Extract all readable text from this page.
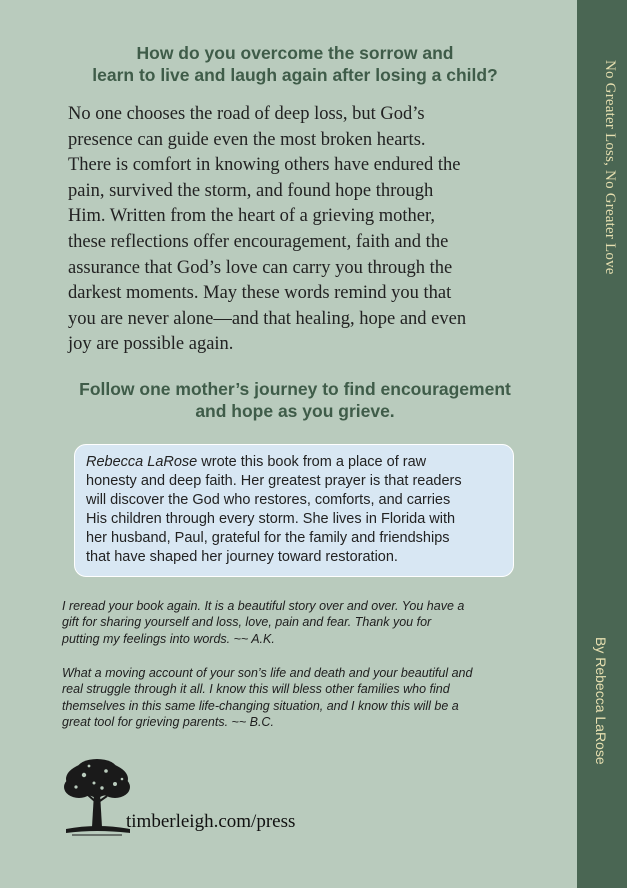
No Greater Loss, No Greater Love
By Rebecca LaRose
How do you overcome the sorrow and
learn to live and laugh again after losing a child?
No one chooses the road of deep loss, but God’s
presence can guide even the most broken hearts.
There is comfort in knowing others have endured the
pain, survived the storm, and found hope through
Him. Written from the heart of a grieving mother,
these reflections offer encouragement, faith and the
assurance that God’s love can carry you through the
darkest moments. May these words remind you that
you are never alone—and that healing, hope and even
joy are possible again.
Follow one mother’s journey to find encouragement
and hope as you grieve.
Rebecca LaRose wrote this book from a place of raw
honesty and deep faith. Her greatest prayer is that readers
will discover the God who restores, comforts, and carries
His children through every storm. She lives in Florida with
her husband, Paul, grateful for the family and friendships
that have shaped her journey toward restoration.
I reread your book again. It is a beautiful story over and over. You have a
gift for sharing yourself and loss, love, pain and fear. Thank you for
putting my feelings into words. ~~ A.K.
What a moving account of your son’s life and death and your beautiful and
real struggle through it all. I know this will bless other families who find
themselves in this same life-changing situation, and I know this will be a
great tool for grieving parents. ~~ B.C.
timberleigh.com/press
